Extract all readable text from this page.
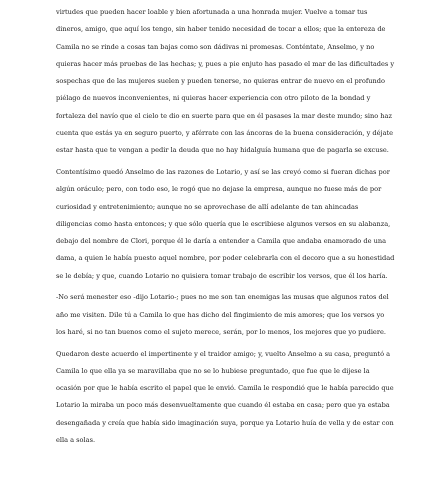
virtudes que pueden hacer loable y bien afortunada a una honrada mujer. Vuelve a tomar tus
dineros, amigo, que aquí los tengo, sin haber tenido necesidad de tocar a ellos; que la entereza de
Camila no se rinde a cosas tan bajas como son dádivas ni promesas. Conténtate, Anselmo, y no
quieras hacer más pruebas de las hechas; y, pues a pie enjuto has pasado el mar de las dificultades y
sospechas que de las mujeres suelen y pueden tenerse, no quieras entrar de nuevo en el profundo
piélago de nuevos inconvenientes, ni quieras hacer experiencia con otro piloto de la bondad y
fortaleza del navío que el cielo te dio en suerte para que en él pasases la mar deste mundo; sino haz
cuenta que estás ya en seguro puerto, y aférrate con las áncoras de la buena consideración, y déjate
estar hasta que te vengan a pedir la deuda que no hay hidalguía humana que de pagarla se excuse.
Contentísimo quedó Anselmo de las razones de Lotario, y así se las creyó como si fueran dichas por
algún oráculo; pero, con todo eso, le rogó que no dejase la empresa, aunque no fuese más de por
curiosidad y entretenimiento; aunque no se aprovechase de allí adelante de tan ahincadas
diligencias como hasta entonces; y que sólo quería que le escribiese algunos versos en su alabanza,
debajo del nombre de Clori, porque él le daría a entender a Camila que andaba enamorado de una
dama, a quien le había puesto aquel nombre, por poder celebrarla con el decoro que a su honestidad
se le debía; y que, cuando Lotario no quisiera tomar trabajo de escribir los versos, que él los haría.
-No será menester eso -dijo Lotario-; pues no me son tan enemigas las musas que algunos ratos del
año me visiten. Dile tú a Camila lo que has dicho del fingimiento de mis amores; que los versos yo
los haré, si no tan buenos como el sujeto merece, serán, por lo menos, los mejores que yo pudiere.
Quedaron deste acuerdo el impertinente y el traidor amigo; y, vuelto Anselmo a su casa, preguntó a
Camila lo que ella ya se maravillaba que no se lo hubiese preguntado, que fue que le dijese la
ocasión por que le había escrito el papel que le envió. Camila le respondió que le había parecido que
Lotario la miraba un poco más desenvueltamente que cuando él estaba en casa; pero que ya estaba
desengañada y creía que había sido imaginación suya, porque ya Lotario huía de vella y de estar con
ella a solas.
